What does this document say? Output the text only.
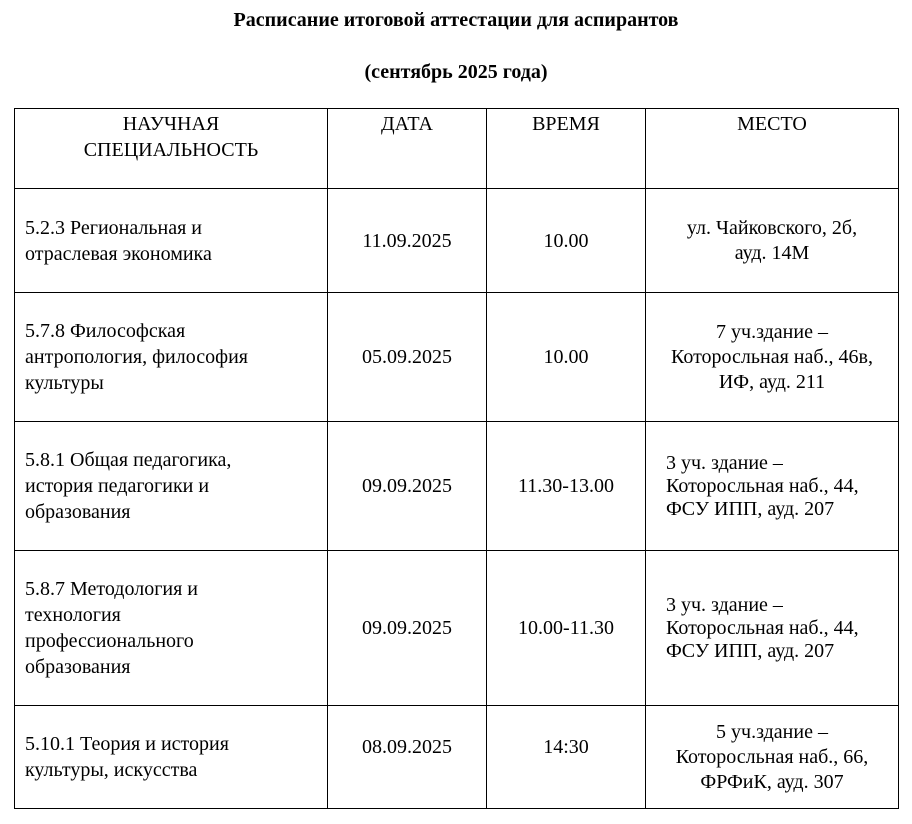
Расписание итоговой аттестации для аспирантов
(сентябрь 2025 года)
НАУЧНАЯ
СПЕЦИАЛЬНОСТЬ	ДАТА	ВРЕМЯ	МЕСТО

5.2.3 Региональная и
отраслевая экономика	11.09.2025	10.00	ул. Чайковского, 2б,
ауд. 14М

5.7.8 Философская
антропология, философия
культуры	05.09.2025	10.00	7 уч.здание –
Которосльная наб., 46в,
ИФ, ауд. 211

5.8.1 Общая педагогика,
история педагогики и
образования	09.09.2025	11.30-13.00	3 уч. здание –
Которосльная наб., 44,
ФСУ ИПП, ауд. 207

5.8.7 Методология и
технология
профессионального
образования	09.09.2025	10.00-11.30	3 уч. здание –
Которосльная наб., 44,
ФСУ ИПП, ауд. 207

5.10.1 Теория и история
культуры, искусства	08.09.2025	14:30	5 уч.здание –
Которосльная наб., 66,
ФРФиК, ауд. 307
